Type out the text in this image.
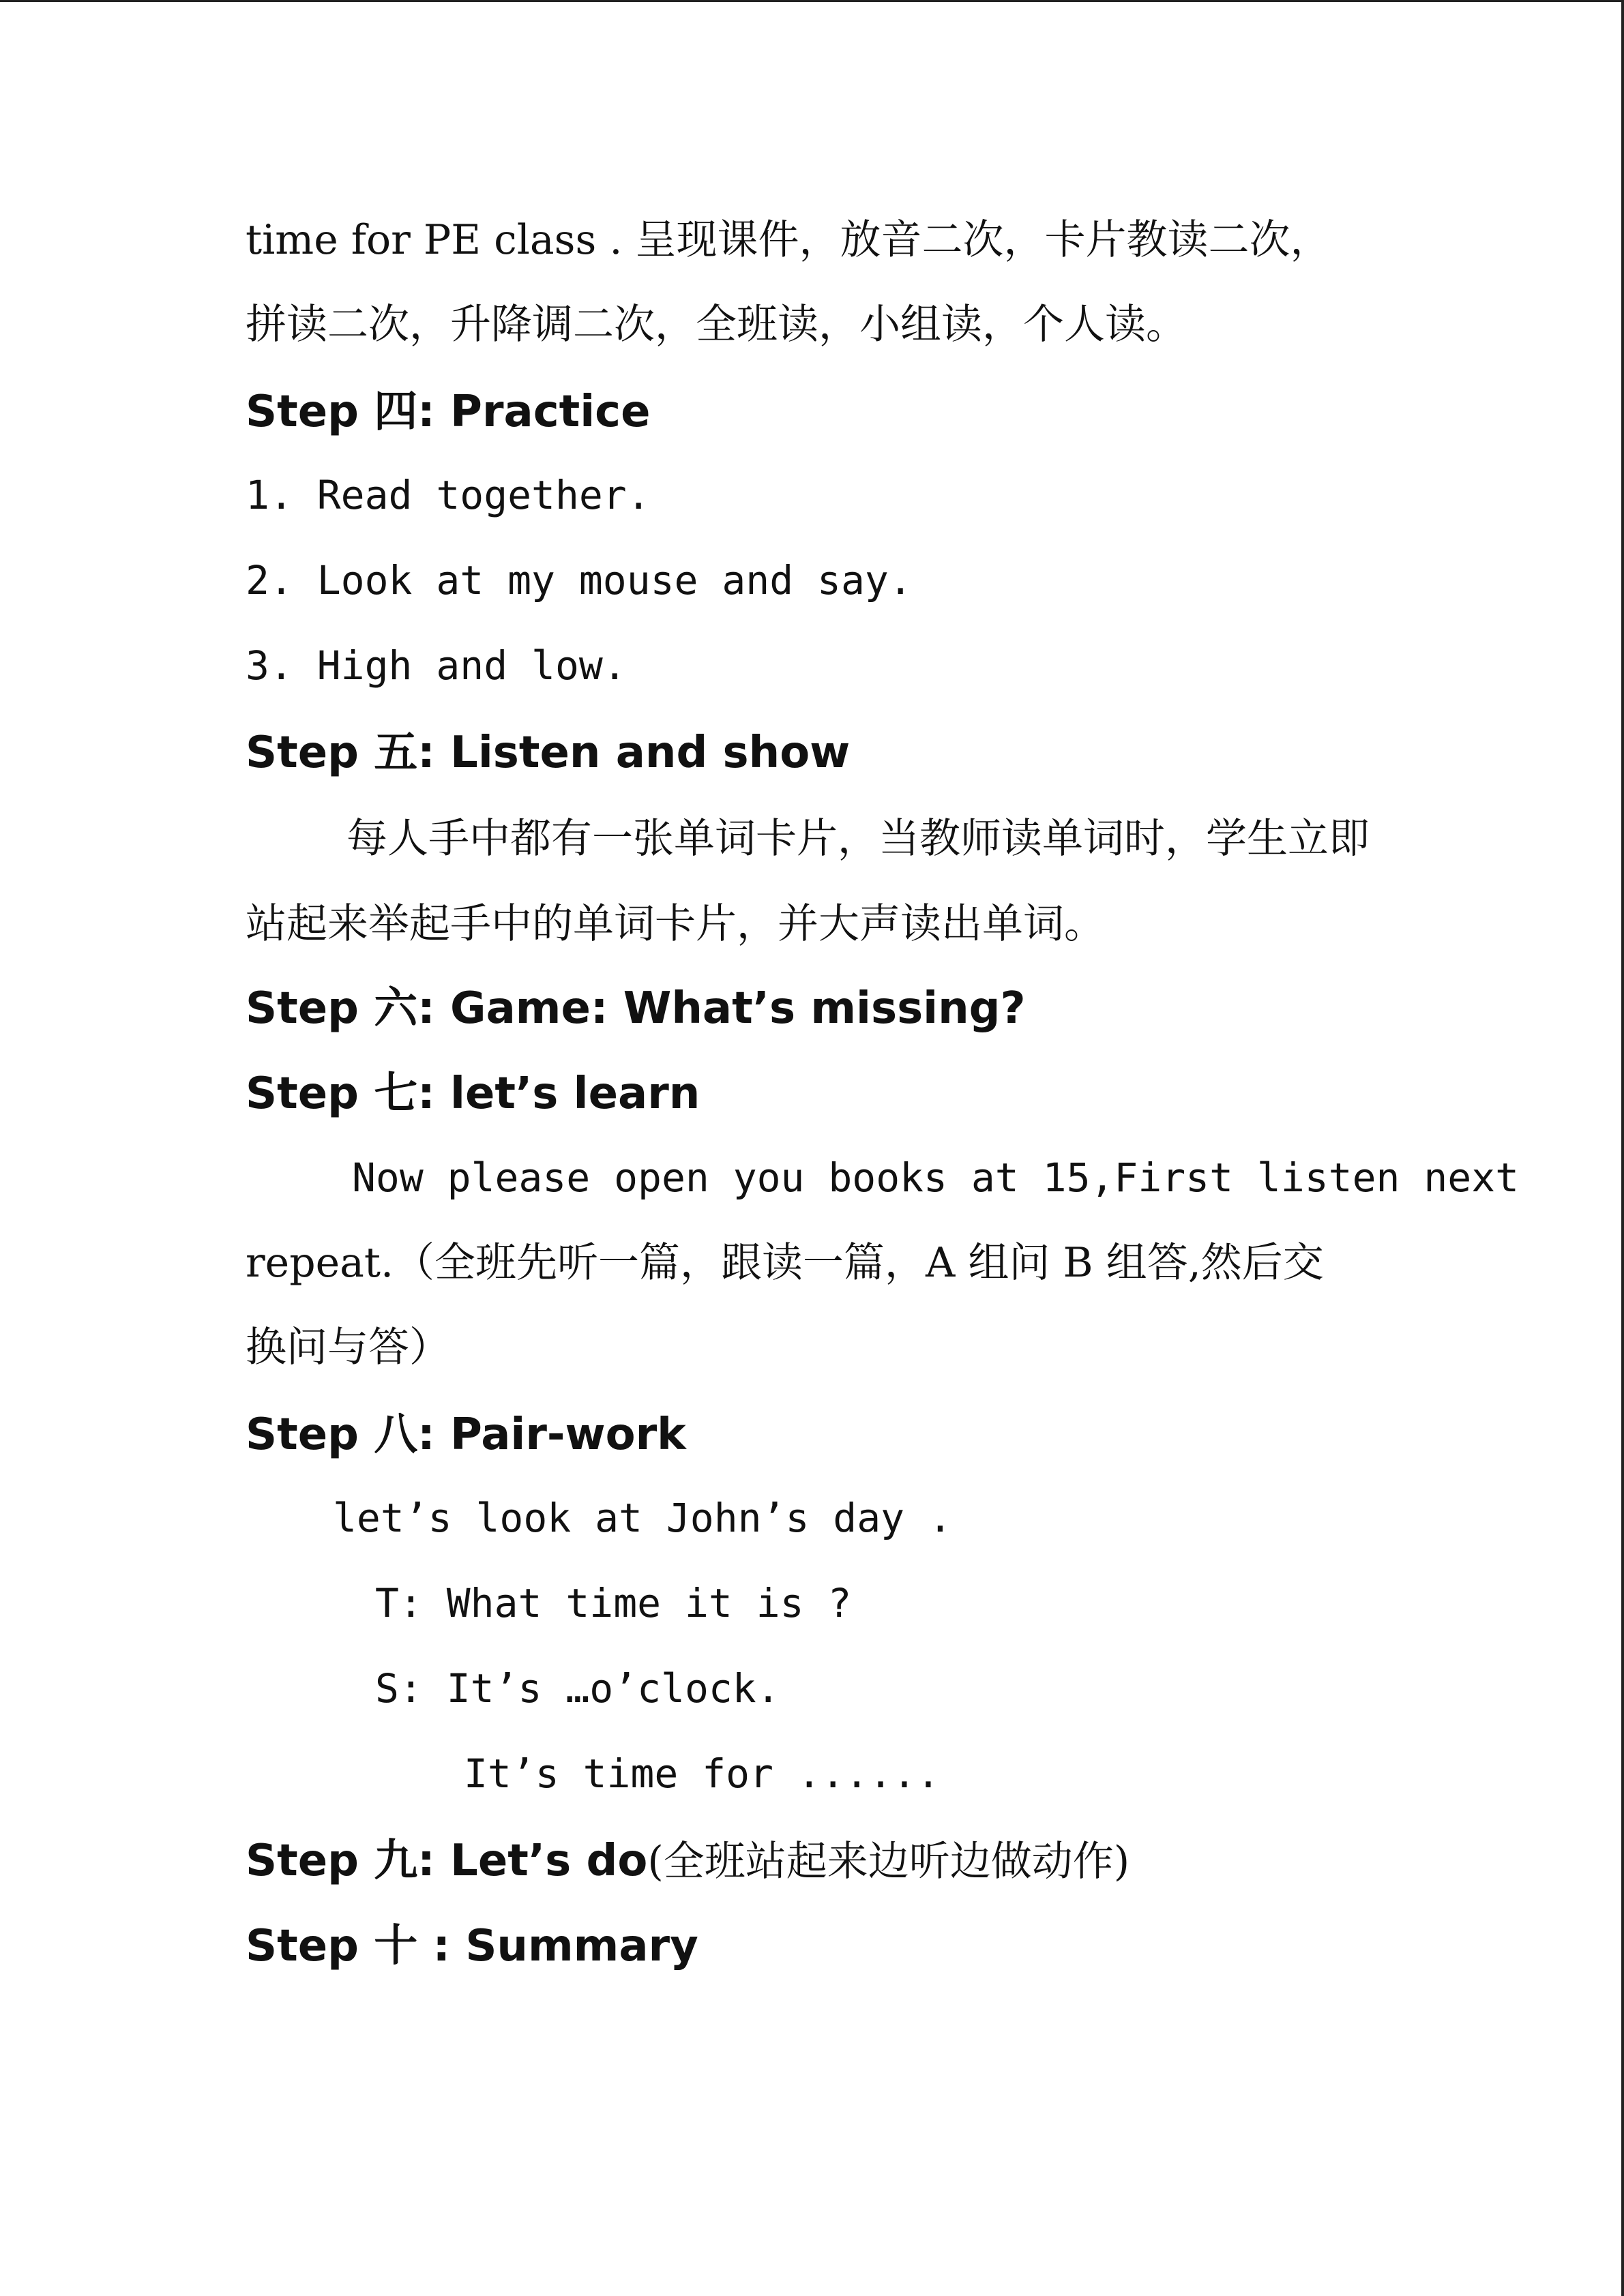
time for PE class . 呈现课件，放音二次，卡片教读二次，
拼读二次，升降调二次，全班读，小组读，个人读。
Step 四: Practice
1. Read together.
2. Look at my mouse and say.
3. High and low.
Step 五: Listen and show
每人手中都有一张单词卡片，当教师读单词时，学生立即
站起来举起手中的单词卡片，并大声读出单词。
Step 六: Game: What’s missing?
Step 七: let’s learn
Now please open you books at 15,First listen next
repeat.（全班先听一篇，跟读一篇，A 组问 B 组答,然后交
换问与答）
Step 八: Pair-work
let’s look at John’s day .
T: What time it is ?
S: It’s …o’clock.
It’s time for ......
Step 九: Let’s do(全班站起来边听边做动作)
Step 十 : Summary
